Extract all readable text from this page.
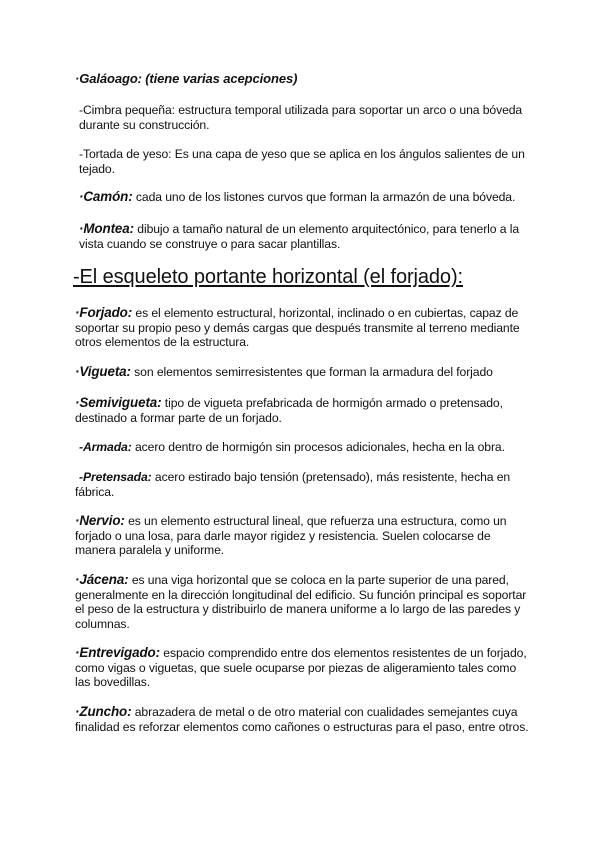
·Galáoago: (tiene varias acepciones)
-Cimbra pequeña: estructura temporal utilizada para soportar un arco o una bóveda durante su construcción.
-Tortada de yeso: Es una capa de yeso que se aplica en los ángulos salientes de un tejado.
·Camón: cada uno de los listones curvos que forman la armazón de una bóveda.
·Montea: dibujo a tamaño natural de un elemento arquitectónico, para tenerlo a la vista cuando se construye o para sacar plantillas.
-El esqueleto portante horizontal (el forjado):
·Forjado: es el elemento estructural, horizontal, inclinado o en cubiertas, capaz de soportar su propio peso y demás cargas que después transmite al terreno mediante otros elementos de la estructura.
·Vigueta: son elementos semirresistentes que forman la armadura del forjado
·Semivigueta: tipo de vigueta prefabricada de hormigón armado o pretensado, destinado a formar parte de un forjado.
-Armada: acero dentro de hormigón sin procesos adicionales, hecha en la obra.
-Pretensada: acero estirado bajo tensión (pretensado), más resistente, hecha en fábrica.
·Nervio: es un elemento estructural lineal, que refuerza una estructura, como un forjado o una losa, para darle mayor rigidez y resistencia. Suelen colocarse de manera paralela y uniforme.
·Jácena: es una viga horizontal que se coloca en la parte superior de una pared, generalmente en la dirección longitudinal del edificio. Su función principal es soportar el peso de la estructura y distribuirlo de manera uniforme a lo largo de las paredes y columnas.
·Entrevigado: espacio comprendido entre dos elementos resistentes de un forjado, como vigas o viguetas, que suele ocuparse por piezas de aligeramiento tales como las bovedillas.
·Zuncho: abrazadera de metal o de otro material con cualidades semejantes cuya finalidad es reforzar elementos como cañones o estructuras para el paso, entre otros.
